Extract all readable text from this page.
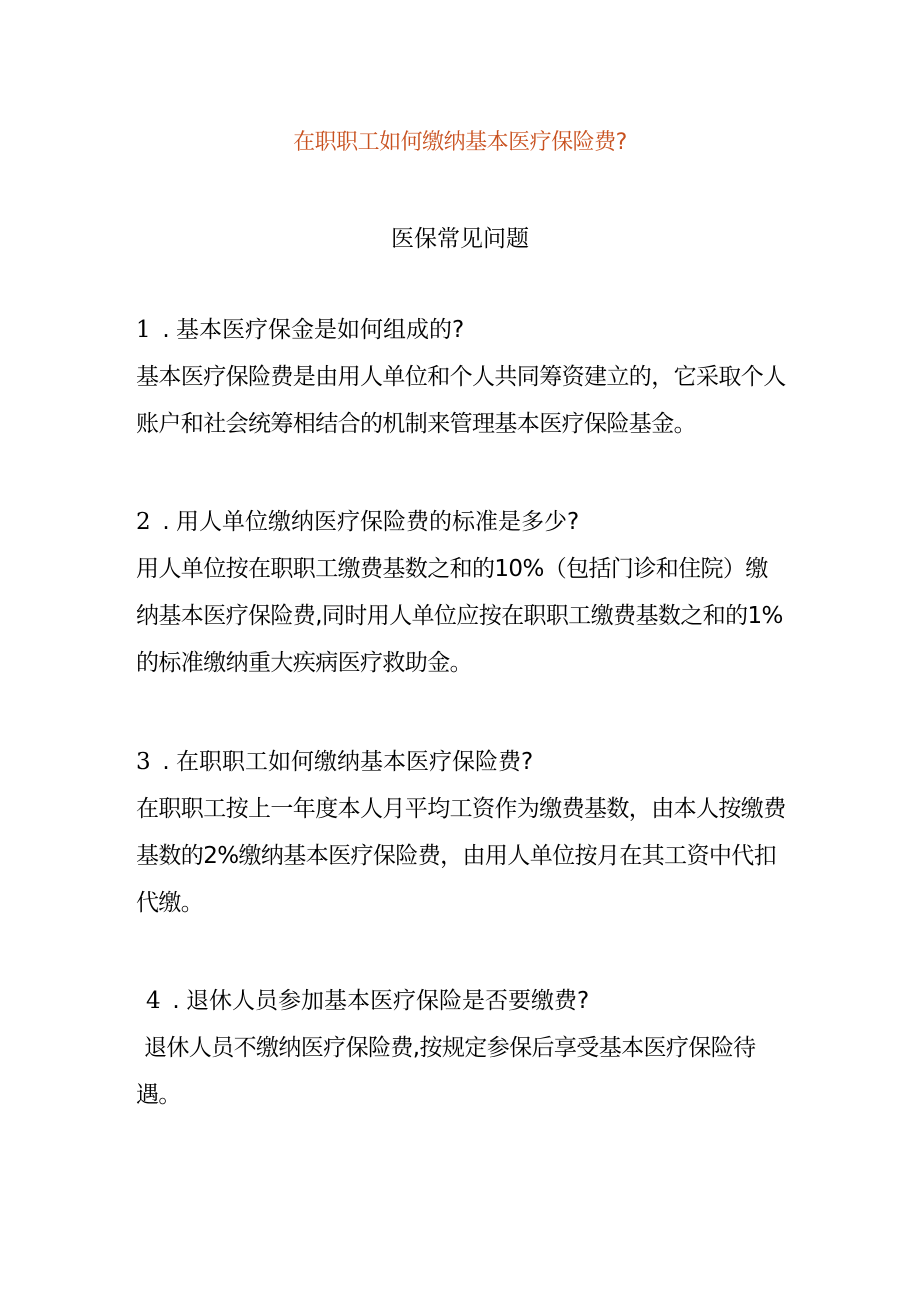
在职职工如何缴纳基本医疗保险费?
医保常见问题
1 . 基本医疗保金是如何组成的?
基本医疗保险费是由用人单位和个人共同筹资建立的，它采取个人账户和社会统筹相结合的机制来管理基本医疗保险基金。
2 . 用人单位缴纳医疗保险费的标准是多少?
用人单位按在职职工缴费基数之和的10%（包括门诊和住院）缴纳基本医疗保险费,同时用人单位应按在职职工缴费基数之和的1%的标准缴纳重大疾病医疗救助金。
3 . 在职职工如何缴纳基本医疗保险费?
在职职工按上一年度本人月平均工资作为缴费基数，由本人按缴费基数的2%缴纳基本医疗保险费，由用人单位按月在其工资中代扣代缴。
4 . 退休人员参加基本医疗保险是否要缴费?
退休人员不缴纳医疗保险费,按规定参保后享受基本医疗保险待遇。
